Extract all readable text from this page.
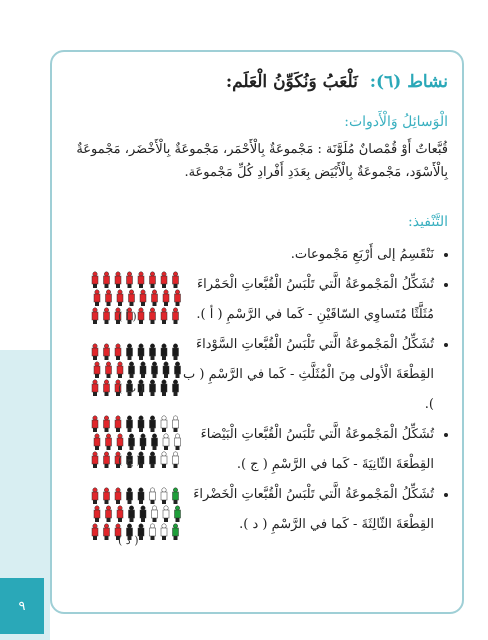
٩
نشاط (٦): نَلْعَبُ وَنُكَوِّنُ الْعَلَم:
الْوَسائِلُ وَالْأَدوات:
قُبَّعاتٌ أَوْ قُمْصانٌ مُلَوَّنَة : مَجْموعَةٌ بِالْأَحْمَر، مَجْموعَةٌ بِالْأَخْضَر، مَجْموعَةٌ بِالْأَسْوَد، مَجْموعَةٌ بِالْأَبْيَض بِعَدَدِ أَفْرادِ كُلِّ مَجْموعَة.
التَّنْفيذ:
نَنْقَسِمُ إلى أَرْبَعِ مَجْموعات.
تُشَكِّلُ الْمَجْموعَةُ الَّتي تَلْبَسُ الْقُبَّعاتِ الْحَمْراءَ مُثَلَّثًا مُتَساوِي السّاقَيْنِ - كَما في الرَّسْمِ ( أ ).
تُشَكِّلُ الْمَجْموعَةُ الَّتي تَلْبَسُ الْقُبَّعاتِ السَّوْداءَ القِطْعَةَ الْأولى مِنَ الْمُثَلَّثِ - كَما في الرَّسْمِ ( ب ).
تُشَكِّلُ الْمَجْموعَةُ الَّتي تَلْبَسُ الْقُبَّعاتِ الْبَيْضاءَ القِطْعَةَ الثّانِيَةَ - كَما في الرَّسْمِ ( ج ).
تُشَكِّلُ الْمَجْموعَةُ الَّتي تَلْبَسُ الْقُبَّعاتِ الْخَضْراءَ القِطْعَةَ الثّالِثَةَ - كَما في الرَّسْمِ ( د ).
( أ )
( ب )
( ج )
( د )
